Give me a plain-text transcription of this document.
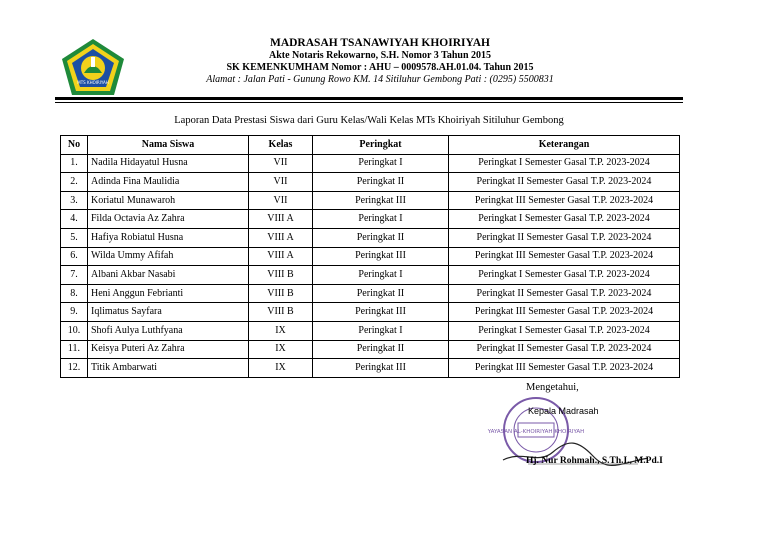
MTS KHOIRIYAH
MADRASAH TSANAWIYAH KHOIRIYAH
Akte Notaris Rekowarno, S.H. Nomor 3 Tahun 2015
SK KEMENKUMHAM Nomor : AHU – 0009578.AH.01.04. Tahun 2015
Alamat : Jalan Pati - Gunung Rowo KM. 14 Sitiluhur Gembong Pati : (0295) 5500831
Laporan Data Prestasi Siswa dari Guru Kelas/Wali Kelas MTs Khoiriyah Sitiluhur Gembong
No	Nama Siswa	Kelas	Peringkat	Keterangan
1.	Nadila Hidayatul Husna	VII	Peringkat I	Peringkat I Semester Gasal T.P. 2023-2024
2.	Adinda Fina Maulidia	VII	Peringkat II	Peringkat II Semester Gasal T.P. 2023-2024
3.	Koriatul Munawaroh	VII	Peringkat III	Peringkat III Semester Gasal T.P. 2023-2024
4.	Filda Octavia Az Zahra	VIII A	Peringkat I	Peringkat I Semester Gasal T.P. 2023-2024
5.	Hafiya Robiatul Husna	VIII A	Peringkat II	Peringkat II Semester Gasal T.P. 2023-2024
6.	Wilda Ummy Afifah	VIII A	Peringkat III	Peringkat III Semester Gasal T.P. 2023-2024
7.	Albani Akbar Nasabi	VIII B	Peringkat I	Peringkat I Semester Gasal T.P. 2023-2024
8.	Heni Anggun Febrianti	VIII B	Peringkat II	Peringkat II Semester Gasal T.P. 2023-2024
9.	Iqlimatus Sayfara	VIII B	Peringkat III	Peringkat III Semester Gasal T.P. 2023-2024
10.	Shofi Aulya Luthfyana	IX	Peringkat I	Peringkat I Semester Gasal T.P. 2023-2024
11.	Keisya Puteri Az Zahra	IX	Peringkat II	Peringkat II Semester Gasal T.P. 2023-2024
12.	Titik Ambarwati	IX	Peringkat III	Peringkat III Semester Gasal T.P. 2023-2024
Mengetahui,
YAYASAN AL-KHOIRIYAH KHOIRIYAH
Kepala Madrasah
Hj. Nur Rohmah., S.Th.I., M.Pd.I
